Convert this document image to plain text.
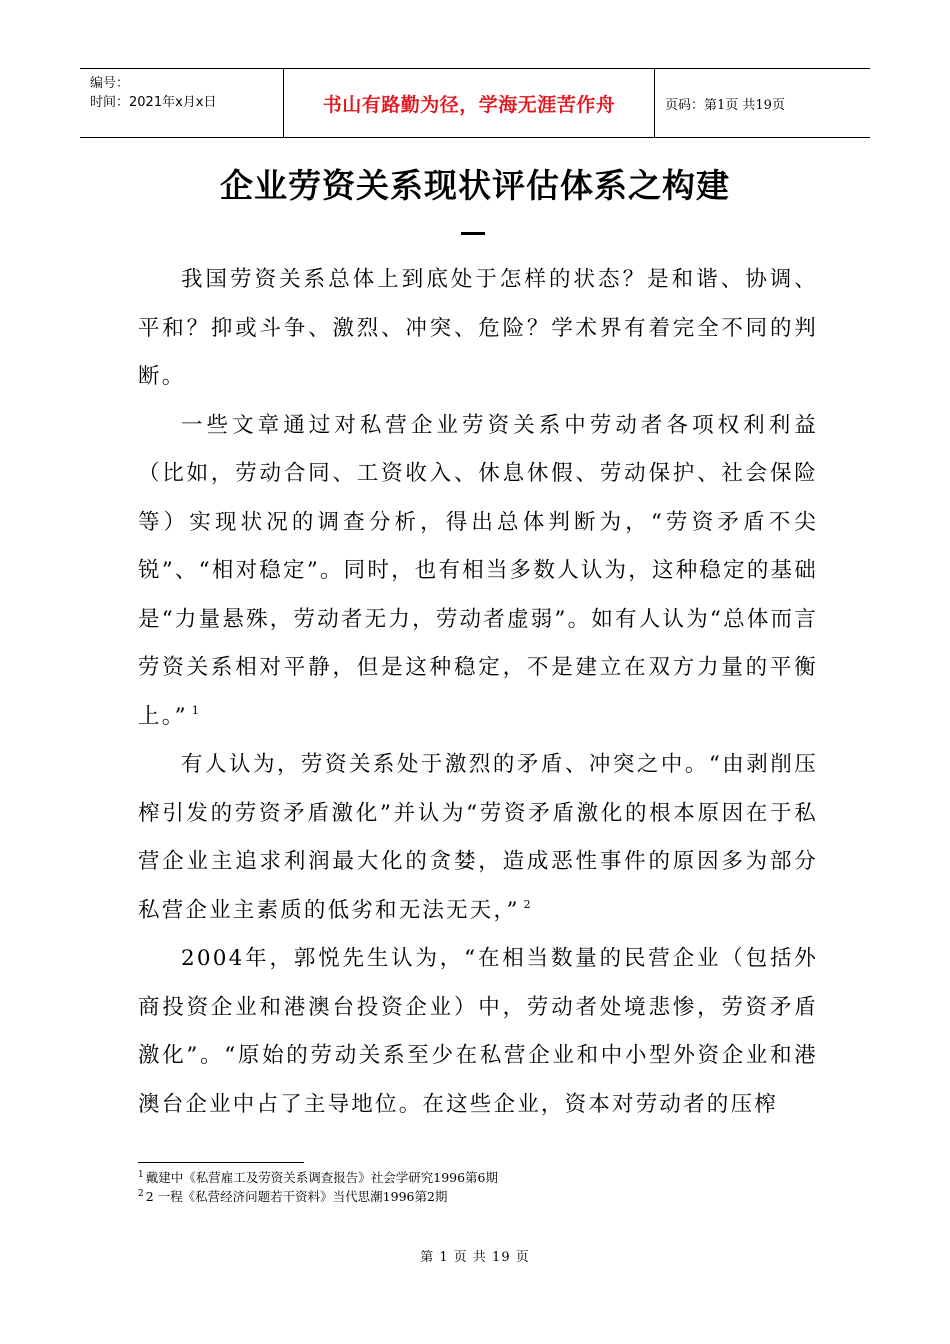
编号：
时间：2021年x月x日	书山有路勤为径，学海无涯苦作舟	页码：第1页 共19页
企业劳资关系现状评估体系之构建

我国劳资关系总体上到底处于怎样的状态？是和谐、协调、平和？抑或斗争、激烈、冲突、危险？学术界有着完全不同的判断。

一些文章通过对私营企业劳资关系中劳动者各项权利利益（比如，劳动合同、工资收入、休息休假、劳动保护、社会保险等）实现状况的调查分析，得出总体判断为，“劳资矛盾不尖锐”、“相对稳定”。同时，也有相当多数人认为，这种稳定的基础是“力量悬殊，劳动者无力，劳动者虚弱”。如有人认为“总体而言劳资关系相对平静，但是这种稳定，不是建立在双方力量的平衡上。” $^1$

有人认为，劳资关系处于激烈的矛盾、冲突之中。“由剥削压榨引发的劳资矛盾激化”并认为“劳资矛盾激化的根本原因在于私营企业主追求利润最大化的贪婪，造成恶性事件的原因多为部分私营企业主素质的低劣和无法无天，” $^2$

2004年，郭悦先生认为，“在相当数量的民营企业（包括外商投资企业和港澳台投资企业）中，劳动者处境悲惨，劳资矛盾激化”。“原始的劳动关系至少在私营企业和中小型外资企业和港澳台企业中占了主导地位。在这些企业，资本对劳动者的压榨

$^1$ 戴建中《私营雇工及劳资关系调查报告》社会学研究1996第6期
$^2$ 2 一程《私营经济问题若干资料》当代思潮1996第2期
第 1 页 共 19 页
